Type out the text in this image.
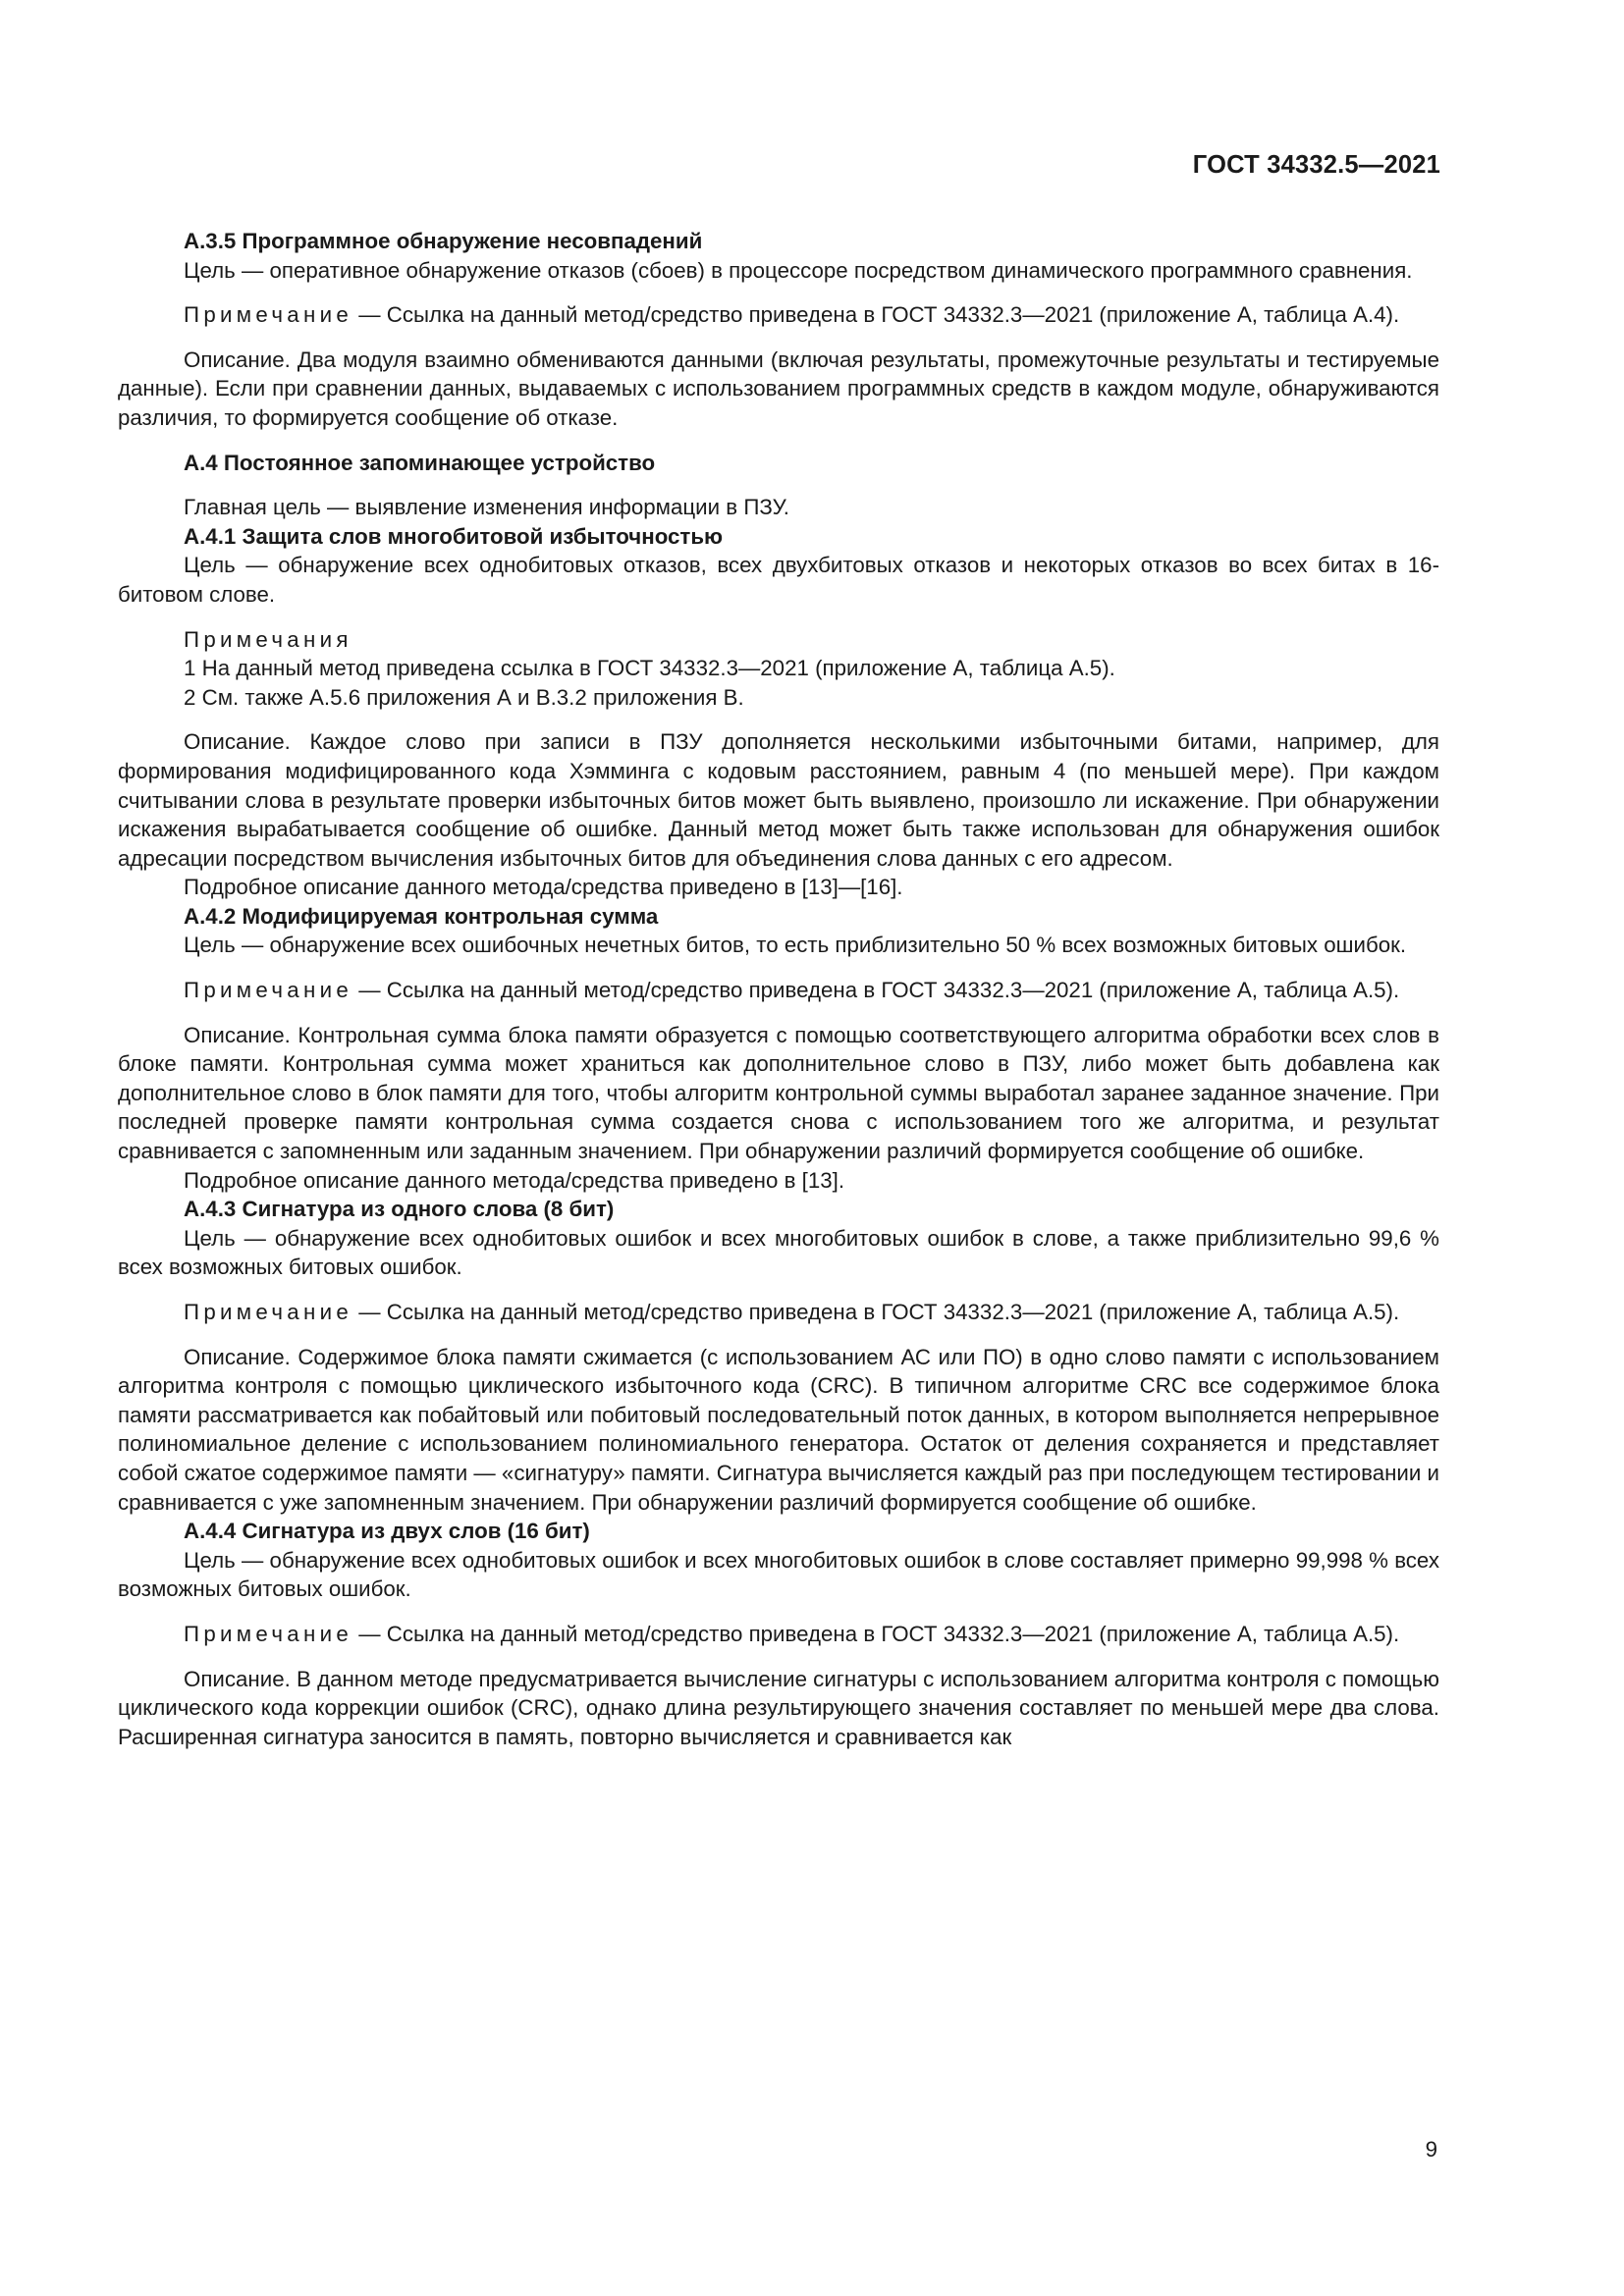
ГОСТ 34332.5—2021

А.3.5 Программное обнаружение несовпадений

Цель — оперативное обнаружение отказов (сбоев) в процессоре посредством динамического программного сравнения.

Примечание — Ссылка на данный метод/средство приведена в ГОСТ 34332.3—2021 (приложение А, таблица А.4).

Описание. Два модуля взаимно обмениваются данными (включая результаты, промежуточные результаты и тестируемые данные). Если при сравнении данных, выдаваемых с использованием программных средств в каждом модуле, обнаруживаются различия, то формируется сообщение об отказе.

А.4 Постоянное запоминающее устройство

Главная цель — выявление изменения информации в ПЗУ.

А.4.1 Защита слов многобитовой избыточностью

Цель — обнаружение всех однобитовых отказов, всех двухбитовых отказов и некоторых отказов во всех битах в 16-битовом слове.

Примечания

1 На данный метод приведена ссылка в ГОСТ 34332.3—2021 (приложение А, таблица А.5).

2 См. также А.5.6 приложения А и В.3.2 приложения В.

Описание. Каждое слово при записи в ПЗУ дополняется несколькими избыточными битами, например, для формирования модифицированного кода Хэмминга с кодовым расстоянием, равным 4 (по меньшей мере). При каждом считывании слова в результате проверки избыточных битов может быть выявлено, произошло ли искажение. При обнаружении искажения вырабатывается сообщение об ошибке. Данный метод может быть также использован для обнаружения ошибок адресации посредством вычисления избыточных битов для объединения слова данных с его адресом.

Подробное описание данного метода/средства приведено в [13]—[16].

А.4.2 Модифицируемая контрольная сумма

Цель — обнаружение всех ошибочных нечетных битов, то есть приблизительно 50 % всех возможных битовых ошибок.

Примечание — Ссылка на данный метод/средство приведена в ГОСТ 34332.3—2021 (приложение А, таблица А.5).

Описание. Контрольная сумма блока памяти образуется с помощью соответствующего алгоритма обработки всех слов в блоке памяти. Контрольная сумма может храниться как дополнительное слово в ПЗУ, либо может быть добавлена как дополнительное слово в блок памяти для того, чтобы алгоритм контрольной суммы выработал заранее заданное значение. При последней проверке памяти контрольная сумма создается снова с использованием того же алгоритма, и результат сравнивается с запомненным или заданным значением. При обнаружении различий формируется сообщение об ошибке.

Подробное описание данного метода/средства приведено в [13].

А.4.3 Сигнатура из одного слова (8 бит)

Цель — обнаружение всех однобитовых ошибок и всех многобитовых ошибок в слове, а также приблизительно 99,6 % всех возможных битовых ошибок.

Примечание — Ссылка на данный метод/средство приведена в ГОСТ 34332.3—2021 (приложение А, таблица А.5).

Описание. Содержимое блока памяти сжимается (с использованием АС или ПО) в одно слово памяти с использованием алгоритма контроля с помощью циклического избыточного кода (CRC). В типичном алгоритме CRC все содержимое блока памяти рассматривается как побайтовый или побитовый последовательный поток данных, в котором выполняется непрерывное полиномиальное деление с использованием полиномиального генератора. Остаток от деления сохраняется и представляет собой сжатое содержимое памяти — «сигнатуру» памяти. Сигнатура вычисляется каждый раз при последующем тестировании и сравнивается с уже запомненным значением. При обнаружении различий формируется сообщение об ошибке.

А.4.4 Сигнатура из двух слов (16 бит)

Цель — обнаружение всех однобитовых ошибок и всех многобитовых ошибок в слове составляет примерно 99,998 % всех возможных битовых ошибок.

Примечание — Ссылка на данный метод/средство приведена в ГОСТ 34332.3—2021 (приложение А, таблица А.5).

Описание. В данном методе предусматривается вычисление сигнатуры с использованием алгоритма контроля с помощью циклического кода коррекции ошибок (CRC), однако длина результирующего значения составляет по меньшей мере два слова. Расширенная сигнатура заносится в память, повторно вычисляется и сравнивается как

9
